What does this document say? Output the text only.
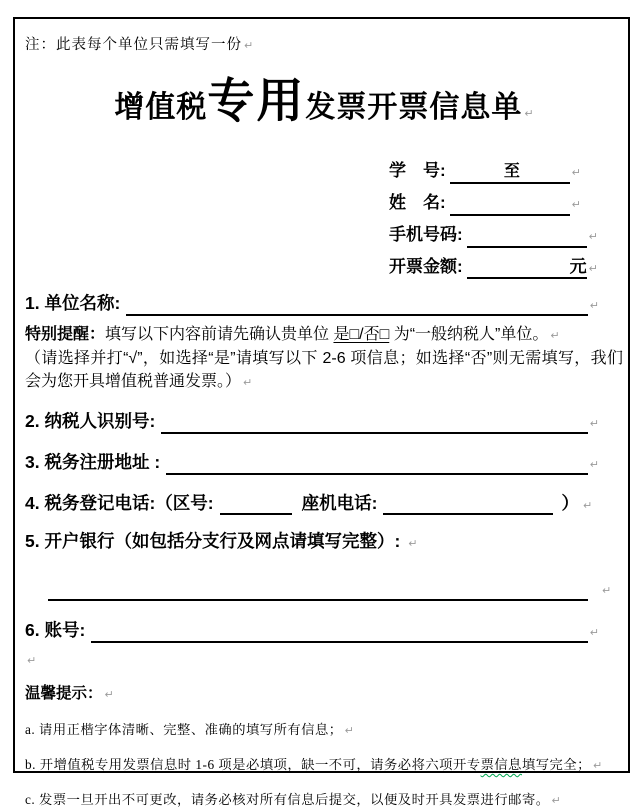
注：此表每个单位只需填写一份 ↵
增值税专用发票开票信息单 ↵
学　号:	至	↵
姓　名:	↵
手机号码:	↵
开票金额:	元 ↵
1. 单位名称:	↵
特别提醒：填写以下内容前请先确认贵单位 是□/否□ 为“一般纳税人”单位。 ↵
（请选择并打“√”，如选择“是”请填写以下 2-6 项信息；如选择“否”则无需填写，我们会为您开具增值税普通发票。） ↵
2. 纳税人识别号:	↵
3. 税务注册地址 :	↵
4. 税务登记电话:（区号:	座机电话:	） ↵
5. 开户银行（如包括分支行及网点请填写完整）: ↵
↵
6. 账号:	↵
↵
温馨提示： ↵
a. 请用正楷字体清晰、完整、准确的填写所有信息； ↵
b. 开增值税专用发票信息时 1-6 项是必填项，缺一不可，请务必将六项开专票信息填写完全； ↵
c. 发票一旦开出不可更改，请务必核对所有信息后提交，以便及时开具发票进行邮寄。 ↵
